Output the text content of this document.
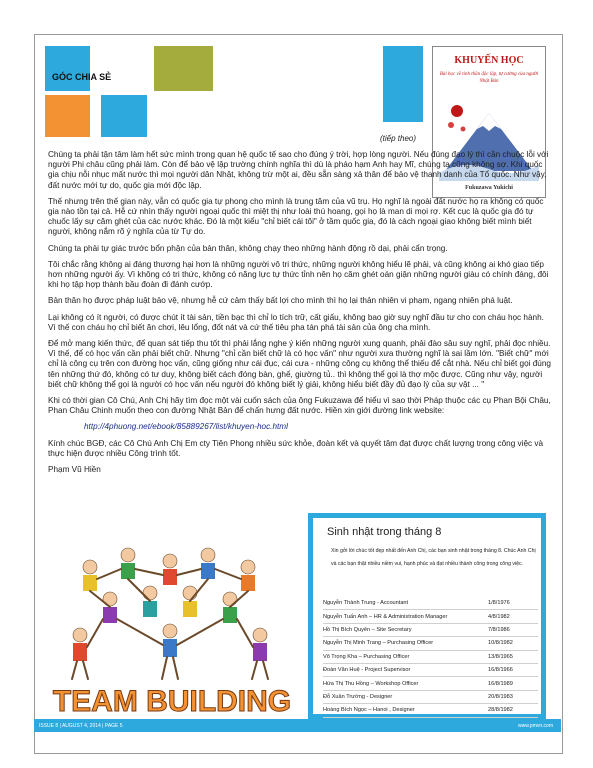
GÓC CHIA SẺ
KHUYẾN HỌC
Bài học về tinh thần độc lập, tự cường của người Nhật Bản
Fukuzawa Yukichi
(tiếp theo)

Chúng ta phải tận tâm làm hết sức mình trong quan hệ quốc tế sao cho đúng ý trời, hợp lòng người. Nếu đúng đạo lý thì cần chuộc lỗi với người Phi châu cũng phải làm. Còn để bảo vệ lập trường chính nghĩa thì dù là pháo hạm Anh hay Mĩ, chúng ta cũng không sợ. Khi quốc gia chịu nỗi nhục mất nước thì mọi người dân Nhật, không trừ một ai, đều sẵn sàng xả thân để bảo vệ thanh danh của Tổ quốc. Như vậy, đất nước mới tự do, quốc gia mới độc lập.

Thế nhưng trên thế gian này, vẫn có quốc gia tự phong cho mình là trung tâm của vũ trụ. Họ nghĩ là ngoài đất nước họ ra không có quốc gia nào tồn tại cả. Hễ cứ nhìn thấy người ngoại quốc thì miệt thị như loài thú hoang, gọi họ là man di mọi rợ. Kết cục là quốc gia đó tự chuốc lấy sự căm ghét của các nước khác. Đó là một kiểu "chỉ biết cái tôi" ở tầm quốc gia, đó là cách ngoại giao không biết mình biết người, không nắm rõ ý nghĩa của từ Tự do.

Chúng ta phải tự giác trước bổn phận của bản thân, không chạy theo những hành động rồ dại, phải cẩn trọng.

Tôi chắc rằng không ai đáng thương hại hơn là những người vô tri thức, những người không hiểu lẽ phải, và cũng không ai khó giao tiếp hơn những người ấy. Vì không có tri thức, không có năng lực tự thức tỉnh nên họ căm ghét oán giận những người giàu có chính đáng, đôi khi họ tập hợp thành bầu đoàn đi đánh cướp.

Bản thân họ được pháp luật bảo vệ, nhưng hễ cứ cảm thấy bất lợi cho mình thì họ lại thản nhiên vi phạm, ngang nhiên phá luật.

Lại không có ít người, có được chút ít tài sản, tiền bạc thì chỉ lo tích trữ, cất giấu, không bao giờ suy nghĩ đầu tư cho con cháu học hành. Vì thế con cháu họ chỉ biết ăn chơi, lêu lổng, đốt nát và cứ thế tiêu pha tán phá tài sản của ông cha mình.

Để mở mang kiến thức, để quan sát tiếp thu tốt thì phải lắng nghe ý kiến những người xung quanh, phải đào sâu suy nghĩ, phải đọc nhiều. Vì thế, để có học vấn cần phải biết chữ. Nhưng "chỉ cần biết chữ là có học vấn" như người xưa thường nghĩ là sai lầm lớn. "Biết chữ" mới chỉ là công cụ trên con đường học vấn, cũng giống như cái đục, cái cưa - những công cụ không thể thiếu để cắt nhà. Nếu chỉ biết gọi đúng tên những thứ đó, không có tư duy, không biết cách đóng bàn, ghế, giường tủ.. thì không thể gọi là thợ mộc được. Cũng như vậy, người biết chữ không thể gọi là người có học vấn nếu người đó không biết lý giải, không hiểu biết đầy đủ đạo lý của sự vật ... "

Khi có thời gian Cô Chú, Anh Chị hãy tìm đọc một vài cuốn sách của ông Fukuzawa để hiểu vì sao thời Pháp thuộc các cụ Phan Bội Châu, Phan Châu Chinh muốn theo con đường Nhật Bản để chấn hưng đất nước. Hiền xin giới đường link website:

http://4phuong.net/ebook/85889267/list/khuyen-hoc.html

Kính chúc BGĐ, các Cô Chú Anh Chị Em cty Tiên Phong nhiều sức khỏe, đoàn kết và quyết tâm đạt được chất lượng trong công việc và thực hiện được nhiều Công trình tốt.

Phạm Vũ Hiền

TEAM BUILDING
Sinh nhật trong tháng 8
Xin gởi lời chúc tốt đẹp nhất đến Anh Chị, các bạn sinh nhật trong tháng 8. Chúc Anh Chị và các bạn thật nhiều niềm vui, hạnh phúc và đạt nhiều thành công trong công việc.
Nguyễn Thành Trung - Accountant	1/8/1976
Nguyễn Tuấn Anh – HR & Administration Manager	4/8/1982
Hồ Thị Bích Quyên – Site Secretary	7/8/1986
Nguyễn Thị Minh Trang – Purchasing Officer	10/8/1982
Võ Trọng Kha – Purchasing Officer	13/8/1965
Đoàn Văn Huệ - Project Supervisor	16/8/1966
Hứa Thị Thu Hồng – Workshop Officer	16/8/1989
Đỗ Xuân Trường - Designer	20/8/1983
Hoàng Bích Ngọc – Hanoi , Designer	28/8/1982
ISSUE 8 | AUGUST 4, 2014 | PAGE 5	www.pmvn.com
